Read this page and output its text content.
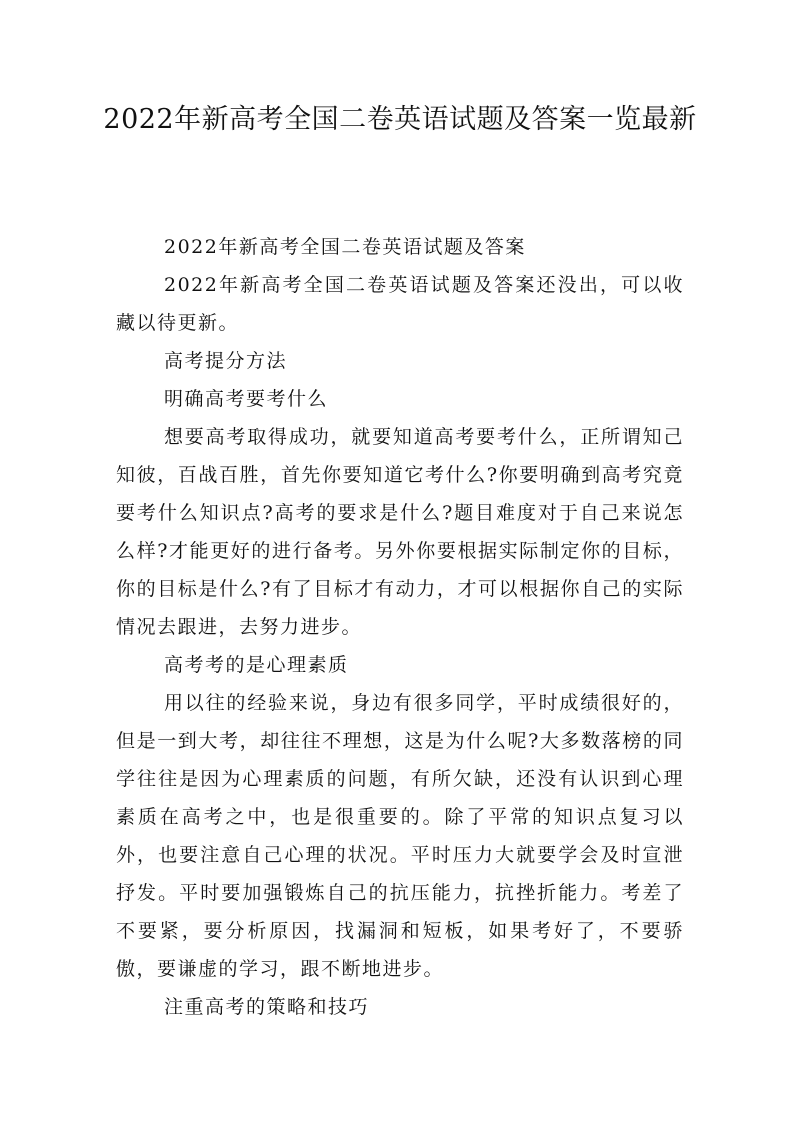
2022年新高考全国二卷英语试题及答案一览最新

2022年新高考全国二卷英语试题及答案

2022年新高考全国二卷英语试题及答案还没出，可以收藏以待更新。

高考提分方法

明确高考要考什么

想要高考取得成功，就要知道高考要考什么，正所谓知己知彼，百战百胜，首先你要知道它考什么?你要明确到高考究竟要考什么知识点?高考的要求是什么?题目难度对于自己来说怎么样?才能更好的进行备考。另外你要根据实际制定你的目标，你的目标是什么?有了目标才有动力，才可以根据你自己的实际情况去跟进，去努力进步。

高考考的是心理素质

用以往的经验来说，身边有很多同学，平时成绩很好的，但是一到大考，却往往不理想，这是为什么呢?大多数落榜的同学往往是因为心理素质的问题，有所欠缺，还没有认识到心理素质在高考之中，也是很重要的。除了平常的知识点复习以外，也要注意自己心理的状况。平时压力大就要学会及时宣泄抒发。平时要加强锻炼自己的抗压能力，抗挫折能力。考差了不要紧，要分析原因，找漏洞和短板，如果考好了，不要骄傲，要谦虚的学习，跟不断地进步。

注重高考的策略和技巧
